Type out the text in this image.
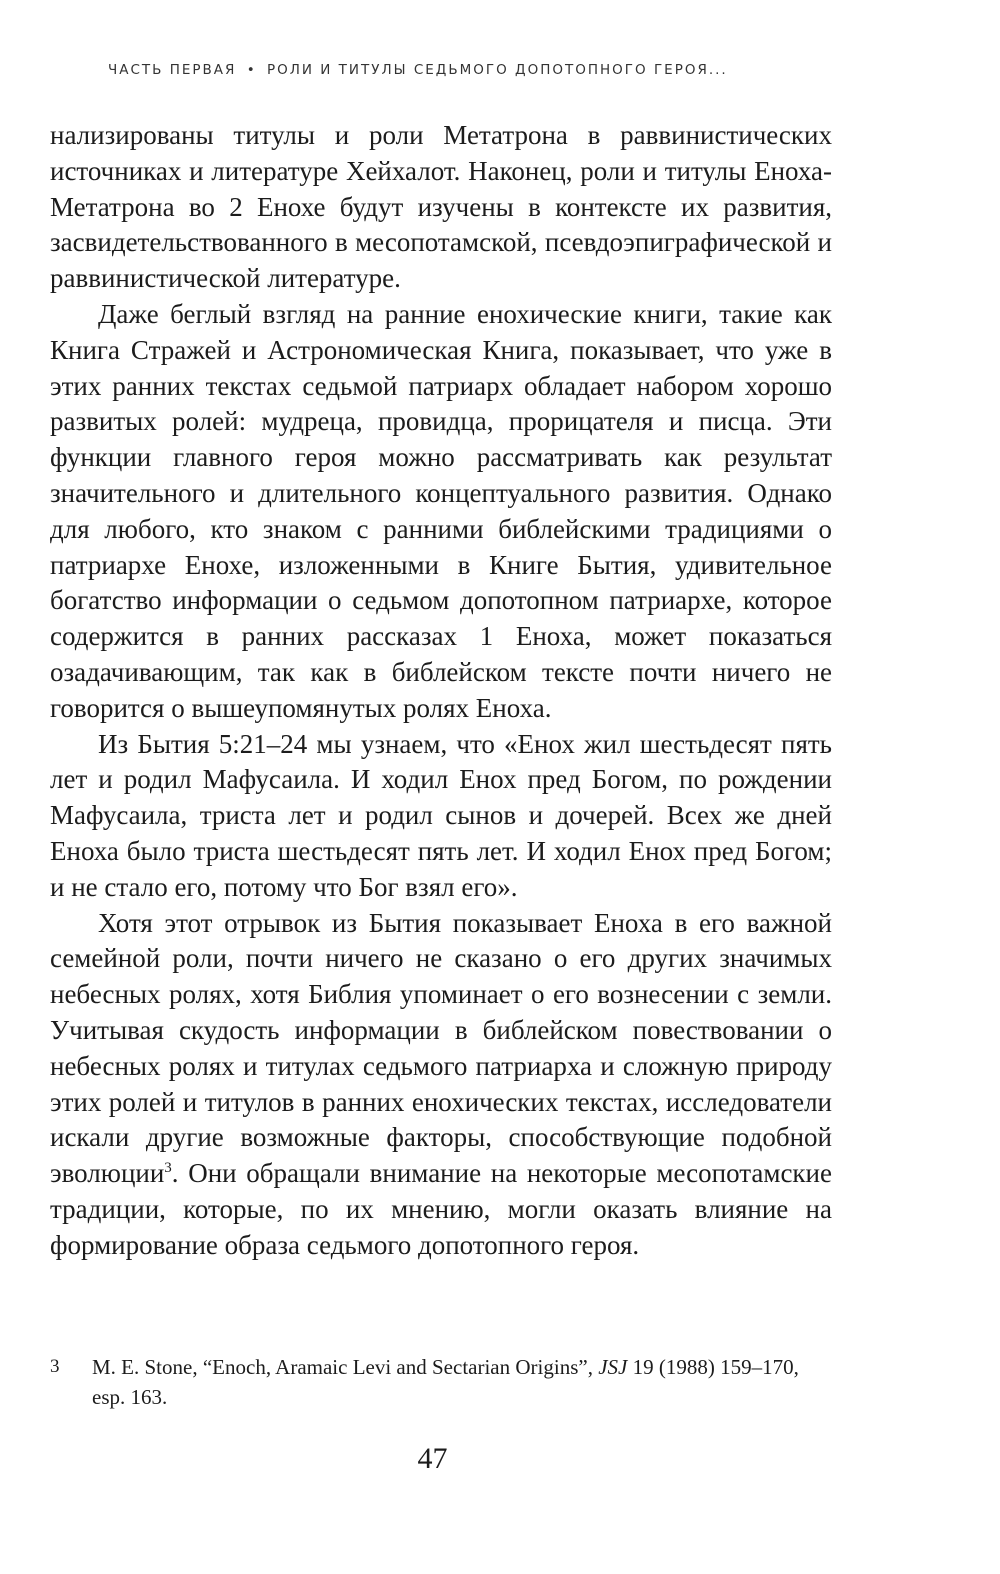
ЧАСТЬ ПЕРВАЯ • РОЛИ И ТИТУЛЫ СЕДЬМОГО ДОПОТОПНОГО ГЕРОЯ...

нализированы титулы и роли Метатрона в раввинистических источниках и литературе Хейхалот. Наконец, роли и титулы Еноха-Метатрона во 2 Енохе будут изучены в контексте их развития, засвидетельствованного в месопотамской, псевдоэпиграфической и раввинистической литературе.

Даже беглый взгляд на ранние енохические книги, такие как Книга Стражей и Астрономическая Книга, показывает, что уже в этих ранних текстах седьмой патриарх обладает набором хорошо развитых ролей: мудреца, провидца, прорицателя и писца. Эти функции главного героя можно рассматривать как результат значительного и длительного концептуального развития. Однако для любого, кто знаком с ранними библейскими традициями о патриархе Енохе, изложенными в Книге Бытия, удивительное богатство информации о седьмом допотопном патриархе, которое содержится в ранних рассказах 1 Еноха, может показаться озадачивающим, так как в библейском тексте почти ничего не говорится о вышеупомянутых ролях Еноха.

Из Бытия 5:21–24 мы узнаем, что «Енох жил шестьдесят пять лет и родил Мафусаила. И ходил Енох пред Богом, по рождении Мафусаила, триста лет и родил сынов и дочерей. Всех же дней Еноха было триста шестьдесят пять лет. И ходил Енох пред Богом; и не стало его, потому что Бог взял его».

Хотя этот отрывок из Бытия показывает Еноха в его важной семейной роли, почти ничего не сказано о его других значимых небесных ролях, хотя Библия упоминает о его вознесении с земли. Учитывая скудость информации в библейском повествовании о небесных ролях и титулах седьмого патриарха и сложную природу этих ролей и титулов в ранних енохических текстах, исследователи искали другие возможные факторы, способствующие подобной эволюции$^3$. Они обращали внимание на некоторые месопотамские традиции, которые, по их мнению, могли оказать влияние на формирование образа седьмого допотопного героя.

3 M. E. Stone, “Enoch, Aramaic Levi and Sectarian Origins”, JSJ 19 (1988) 159–170, esp. 163.
47
